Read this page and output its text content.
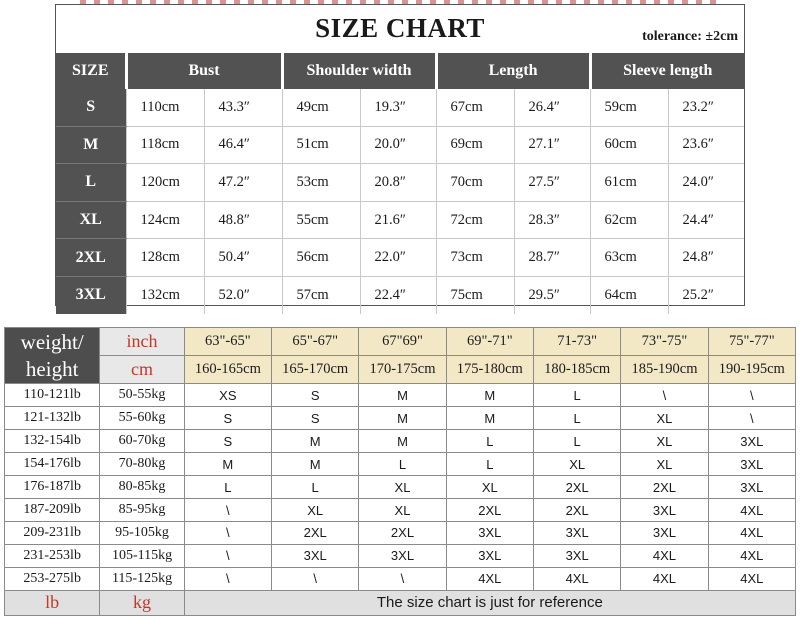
SIZE CHART	tolerance: ±2cm
SIZE	Bust		Shoulder width		Length		Sleeve length	
S	110cm	43.3″	49cm	19.3″	67cm	26.4″	59cm	23.2″
M	118cm	46.4″	51cm	20.0″	69cm	27.1″	60cm	23.6″
L	120cm	47.2″	53cm	20.8″	70cm	27.5″	61cm	24.0″
XL	124cm	48.8″	55cm	21.6″	72cm	28.3″	62cm	24.4″
2XL	128cm	50.4″	56cm	22.0″	73cm	28.7″	63cm	24.8″
3XL	132cm	52.0″	57cm	22.4″	75cm	29.5″	64cm	25.2″
weight/
height	inch	63"-65"	65"-67"	67"69"	69"-71"	71-73"	73"-75"	75"-77"
	cm	160-165cm	165-170cm	170-175cm	175-180cm	180-185cm	185-190cm	190-195cm
110-121lb	50-55kg	XS	S	M	M	L	\	\
121-132lb	55-60kg	S	S	M	M	L	XL	\
132-154lb	60-70kg	S	M	M	L	L	XL	3XL
154-176lb	70-80kg	M	M	L	L	XL	XL	3XL
176-187lb	80-85kg	L	L	XL	XL	2XL	2XL	3XL
187-209lb	85-95kg	\	XL	XL	2XL	2XL	3XL	4XL
209-231lb	95-105kg	\	2XL	2XL	3XL	3XL	3XL	4XL
231-253lb	105-115kg	\	3XL	3XL	3XL	3XL	4XL	4XL
253-275lb	115-125kg	\	\	\	4XL	4XL	4XL	4XL
lb	kg	The size chart is just for reference						
